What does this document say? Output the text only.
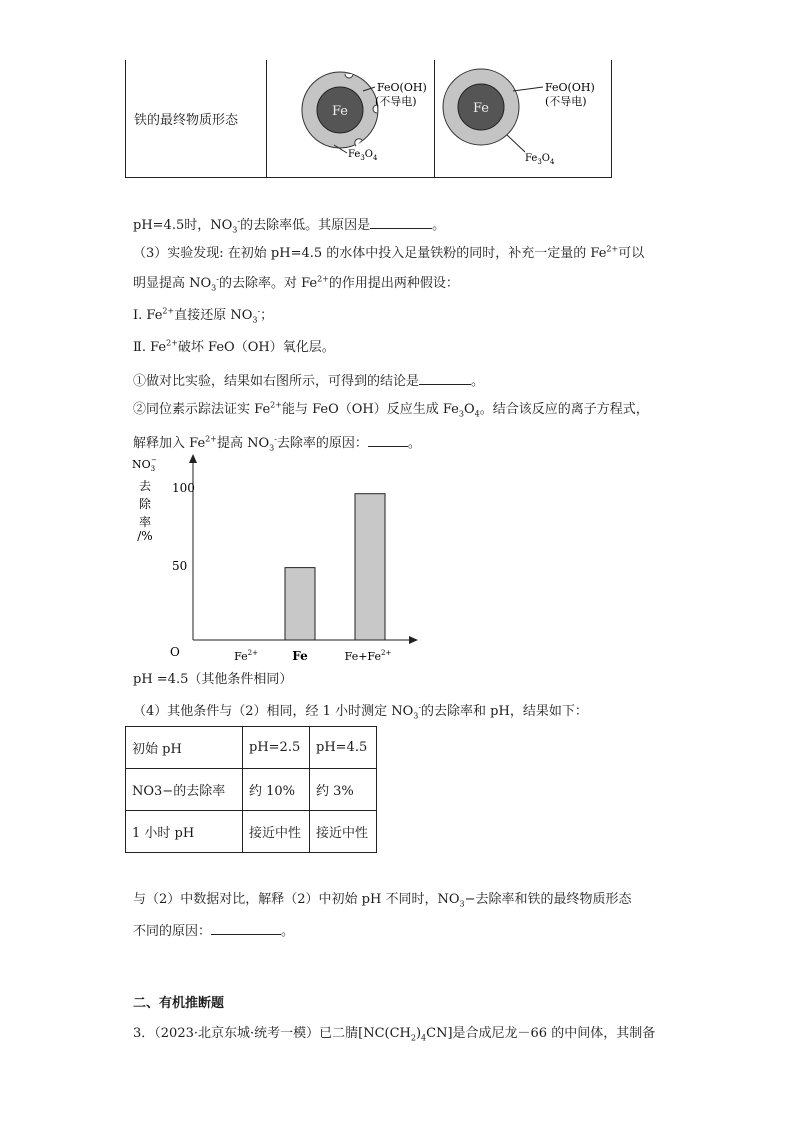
铁的最终物质形态	
Fe
FeO(OH)
(不导电)
$Fe_3O_4$

Fe
FeO(OH)
(不导电)
$Fe_3O_4$
pH=4.5时，$NO_3^-$的去除率低。其原因是	。
（3）实验发现: 在初始 pH=4.5 的水体中投入足量铁粉的同时，补充一定量的 $Fe^{2+}$可以
明显提高 $NO_3^-$的去除率。对 $Fe^{2+}$的作用提出两种假设：
Ⅰ. $Fe^{2+}$直接还原 $NO_3^-$；
Ⅱ. $Fe^{2+}$破坏 FeO（OH）氧化层。
①做对比实验，结果如右图所示，可得到的结论是	。
②同位素示踪法证实 $Fe^{2+}$能与 FeO（OH）反应生成 $Fe_3O_4$。结合该反应的离子方程式，
解释加入 $Fe^{2+}$提高 $NO_3^-$去除率的原因：	。
$NO_3-$
去
除
率
/%
100
50
O	$Fe^{2+}$	Fe	$Fe+Fe^{2+}$
pH =4.5（其他条件相同）
（4）其他条件与（2）相同，经 1 小时测定 $NO_3^-$的去除率和 pH，结果如下：
初始 pH	pH=2.5	pH=4.5
NO3−的去除率	约 10%	约 3%
1 小时 pH	接近中性	接近中性
与（2）中数据对比，解释（2）中初始 pH 不同时，$NO_3-$去除率和铁的最终物质形态
不同的原因：	。
二、有机推断题
3．（2023·北京东城·统考一模）已二腈$[NC(CH_2)_4CN]$是合成尼龙－66 的中间体，其制备
